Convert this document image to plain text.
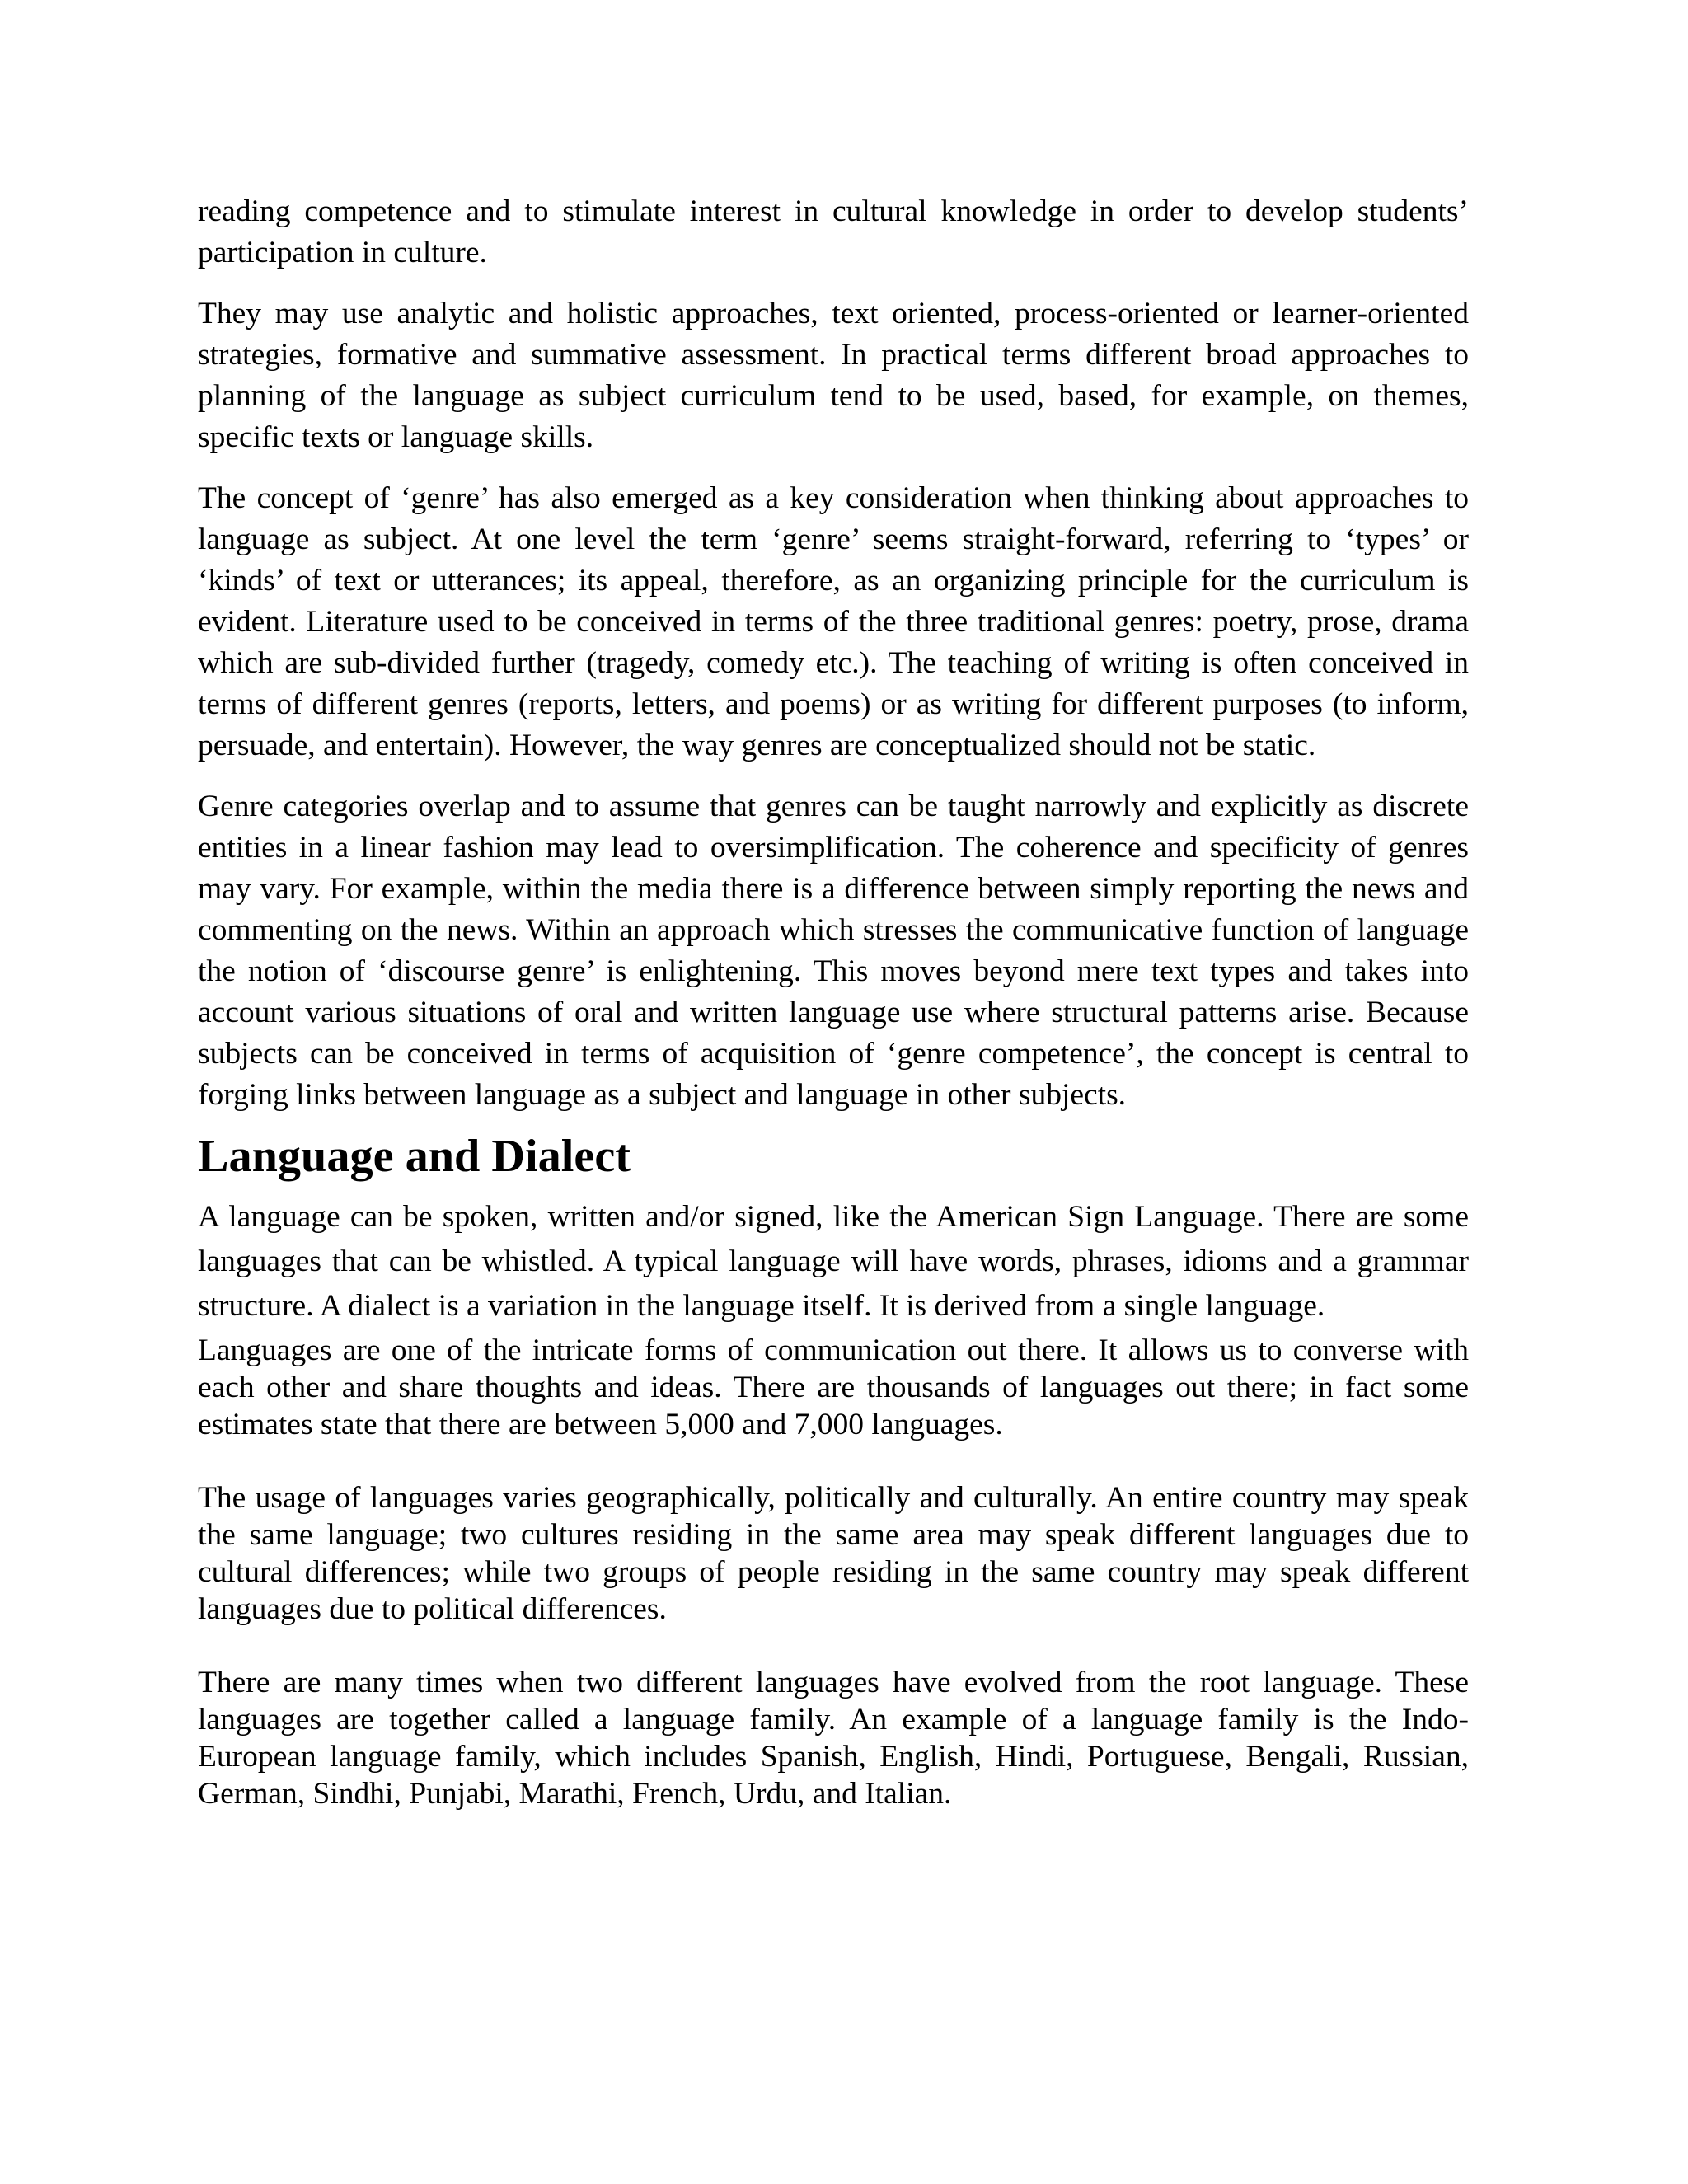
reading competence and to stimulate interest in cultural knowledge in order to develop students’ participation in culture.

They may use analytic and holistic approaches, text oriented, process-oriented or learner-oriented strategies, formative and summative assessment. In practical terms different broad approaches to planning of the language as subject curriculum tend to be used, based, for example, on themes, specific texts or language skills.

The concept of ‘genre’ has also emerged as a key consideration when thinking about approaches to language as subject. At one level the term ‘genre’ seems straight-forward, referring to ‘types’ or ‘kinds’ of text or utterances; its appeal, therefore, as an organizing principle for the curriculum is evident. Literature used to be conceived in terms of the three traditional genres: poetry, prose, drama which are sub-divided further (tragedy, comedy etc.). The teaching of writing is often conceived in terms of different genres (reports, letters, and poems) or as writing for different purposes (to inform, persuade, and entertain). However, the way genres are conceptualized should not be static.

Genre categories overlap and to assume that genres can be taught narrowly and explicitly as discrete entities in a linear fashion may lead to oversimplification. The coherence and specificity of genres may vary. For example, within the media there is a difference between simply reporting the news and commenting on the news. Within an approach which stresses the communicative function of language the notion of ‘discourse genre’ is enlightening. This moves beyond mere text types and takes into account various situations of oral and written language use where structural patterns arise. Because subjects can be conceived in terms of acquisition of ‘genre competence’, the concept is central to forging links between language as a subject and language in other subjects.

Language and Dialect

A language can be spoken, written and/or signed, like the American Sign Language. There are some languages that can be whistled. A typical language will have words, phrases, idioms and a grammar structure. A dialect is a variation in the language itself. It is derived from a single language.

Languages are one of the intricate forms of communication out there. It allows us to converse with each other and share thoughts and ideas. There are thousands of languages out there; in fact some estimates state that there are between 5,000 and 7,000 languages.

The usage of languages varies geographically, politically and culturally. An entire country may speak the same language; two cultures residing in the same area may speak different languages due to cultural differences; while two groups of people residing in the same country may speak different languages due to political differences.

There are many times when two different languages have evolved from the root language. These languages are together called a language family. An example of a language family is the Indo-European language family, which includes Spanish, English, Hindi, Portuguese, Bengali, Russian, German, Sindhi, Punjabi, Marathi, French, Urdu, and Italian.
